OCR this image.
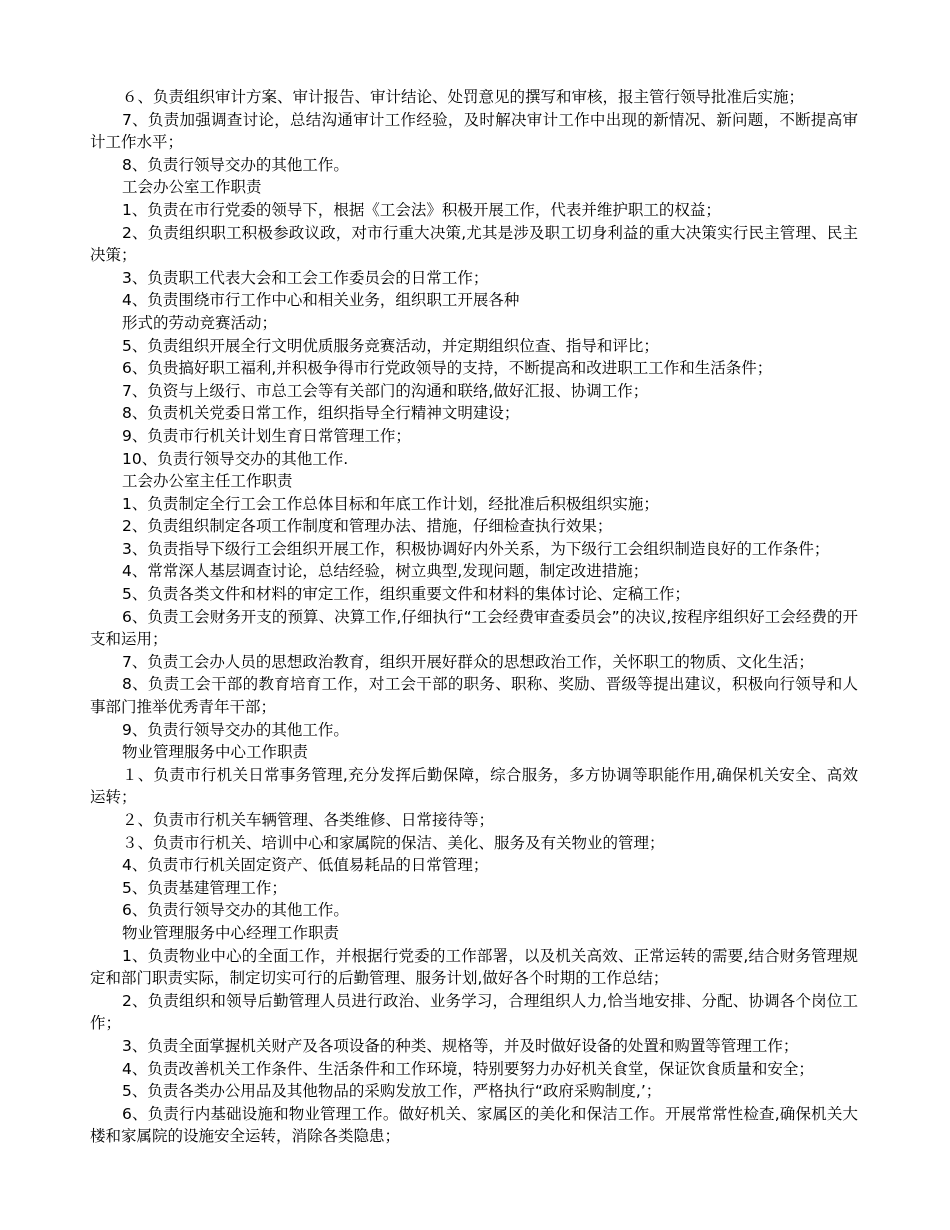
６、负责组织审计方案、审计报告、审计结论、处罚意见的撰写和审核，报主管行领导批准后实施；

7、负责加强调查讨论，总结沟通审计工作经验，及时解决审计工作中出现的新情况、新问题，不断提高审计工作水平；

8、负责行领导交办的其他工作。

工会办公室工作职责

1、负责在市行党委的领导下，根据《工会法》积极开展工作，代表并维护职工的权益；

2、负责组织职工积极参政议政，对市行重大决策,尤其是涉及职工切身利益的重大决策实行民主管理、民主决策；

3、负责职工代表大会和工会工作委员会的日常工作；

4、负责围绕市行工作中心和相关业务，组织职工开展各种

形式的劳动竞赛活动；

5、负责组织开展全行文明优质服务竞赛活动，并定期组织位查、指导和评比；

6、负贵搞好职工福利,并积极争得市行党政领导的支持，不断提高和改进职工工作和生活条件；

7、负资与上级行、市总工会等有关部门的沟通和联络,做好汇报、协调工作；

8、负责机关党委日常工作，组织指导全行精神文明建设；

9、负责市行机关计划生育日常管理工作；

10、负责行领导交办的其他工作.

工会办公室主任工作职责

1、负责制定全行工会工作总体目标和年底工作计划，经批准后积极组织实施；

2、负责组织制定各项工作制度和管理办法、措施，仔细检查执行效果；

3、负责指导下级行工会组织开展工作，积极协调好内外关系，为下级行工会组织制造良好的工作条件；

4、常常深人基层调查讨论，总结经验，树立典型,发现问题，制定改进措施；

5、负责各类文件和材料的审定工作，组织重要文件和材料的集体讨论、定稿工作；

6、负责工会财务开支的预算、决算工作,仔细执行“工会经费审查委员会”的决议,按程序组织好工会经费的开支和运用；

7、负责工会办人员的思想政治教育，组织开展好群众的思想政治工作，关怀职工的物质、文化生活；

8、负责工会干部的教育培育工作，对工会干部的职务、职称、奖励、晋级等提出建议，积极向行领导和人事部门推举优秀青年干部；

9、负责行领导交办的其他工作。

物业管理服务中心工作职责

１、负责市行机关日常事务管理,充分发挥后勤保障，综合服务，多方协调等职能作用,确保机关安全、高效运转；

２、负责市行机关车辆管理、各类维修、日常接待等；

３、负责市行机关、培训中心和家属院的保洁、美化、服务及有关物业的管理；

4、负责市行机关固定资产、低值易耗品的日常管理；

5、负责基建管理工作；

6、负责行领导交办的其他工作。

物业管理服务中心经理工作职责

1、负责物业中心的全面工作，并根据行党委的工作部署，以及机关高效、正常运转的需要,结合财务管理规定和部门职责实际，制定切实可行的后勤管理、服务计划,做好各个时期的工作总结；

2、负责组织和领导后勤管理人员进行政治、业务学习，合理组织人力,恰当地安排、分配、协调各个岗位工作；

3、负责全面掌握机关财产及各项设备的种类、规格等，并及时做好设备的处置和购置等管理工作；

4、负责改善机关工作条件、生活条件和工作环境，特别要努力办好机关食堂，保证饮食质量和安全；

5、负责各类办公用品及其他物品的采购发放工作，严格执行“政府采购制度,’；

6、负责行内基础设施和物业管理工作。做好机关、家属区的美化和保洁工作。开展常常性检查,确保机关大楼和家属院的设施安全运转，消除各类隐患；
